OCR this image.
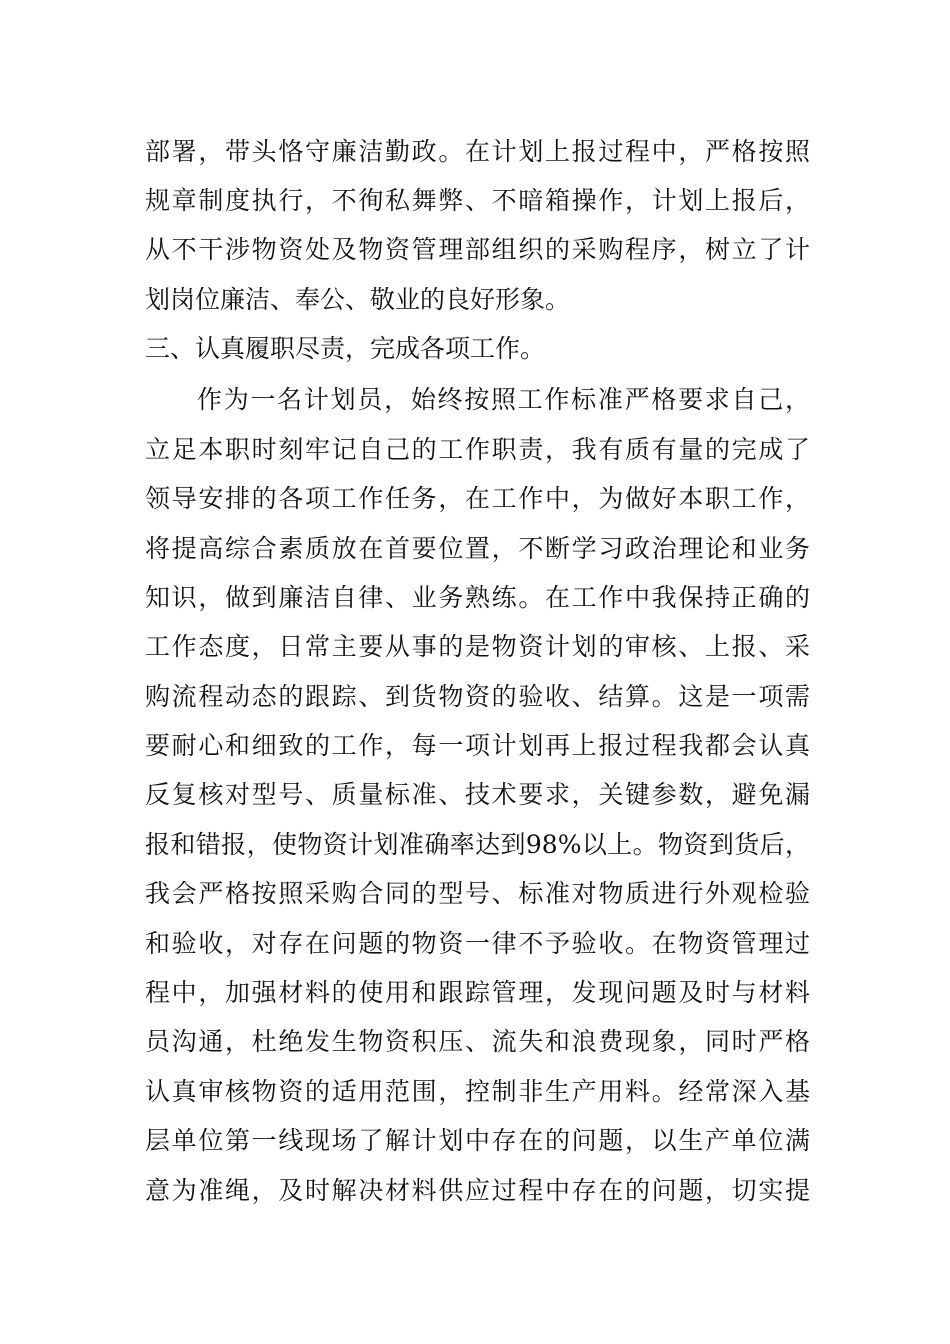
部署，带头恪守廉洁勤政。在计划上报过程中，严格按照
规章制度执行，不徇私舞弊、不暗箱操作，计划上报后，
从不干涉物资处及物资管理部组织的采购程序，树立了计
划岗位廉洁、奉公、敬业的良好形象。
三、认真履职尽责，完成各项工作。
作为一名计划员，始终按照工作标准严格要求自己，
立足本职时刻牢记自己的工作职责，我有质有量的完成了
领导安排的各项工作任务，在工作中，为做好本职工作，
将提高综合素质放在首要位置，不断学习政治理论和业务
知识，做到廉洁自律、业务熟练。在工作中我保持正确的
工作态度，日常主要从事的是物资计划的审核、上报、采
购流程动态的跟踪、到货物资的验收、结算。这是一项需
要耐心和细致的工作，每一项计划再上报过程我都会认真
反复核对型号、质量标准、技术要求，关键参数，避免漏
报和错报，使物资计划准确率达到98%以上。物资到货后，
我会严格按照采购合同的型号、标准对物质进行外观检验
和验收，对存在问题的物资一律不予验收。在物资管理过
程中，加强材料的使用和跟踪管理，发现问题及时与材料
员沟通，杜绝发生物资积压、流失和浪费现象，同时严格
认真审核物资的适用范围，控制非生产用料。经常深入基
层单位第一线现场了解计划中存在的问题，以生产单位满
意为准绳，及时解决材料供应过程中存在的问题，切实提
